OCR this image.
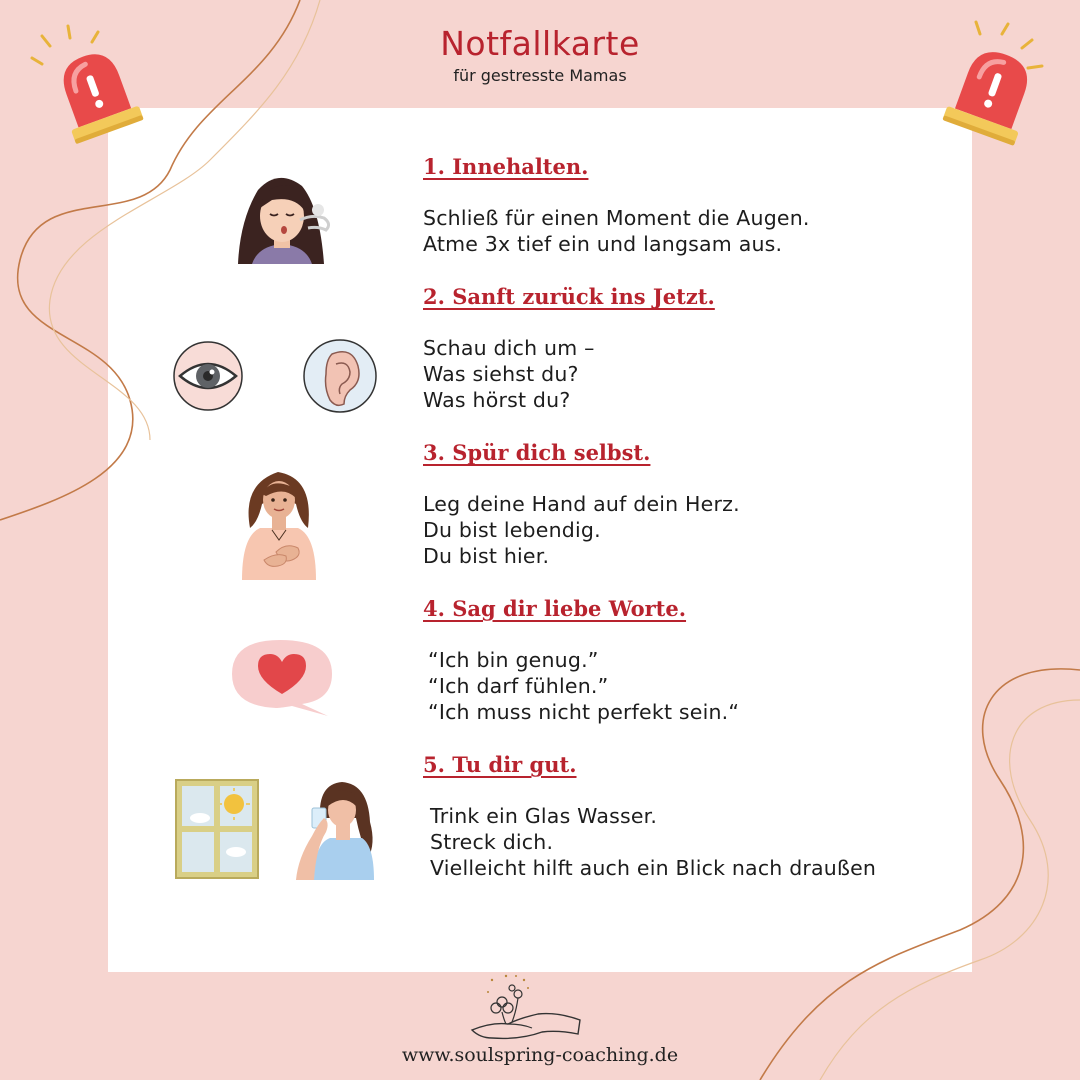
Notfallkarte
für gestresste Mamas
1. Innehalten.
Schließ für einen Moment die Augen.
Atme 3x tief ein und langsam aus.
2. Sanft zurück ins Jetzt.
Schau dich um –
Was siehst du?
Was hörst du?
3. Spür dich selbst.
Leg deine Hand auf dein Herz.
Du bist lebendig.
Du bist hier.
4. Sag dir liebe Worte.
“Ich bin genug.”
“Ich darf fühlen.”
“Ich muss nicht perfekt sein.“
5. Tu dir gut.
Trink ein Glas Wasser.
Streck dich.
Vielleicht hilft auch ein Blick nach draußen
www.soulspring-coaching.de
